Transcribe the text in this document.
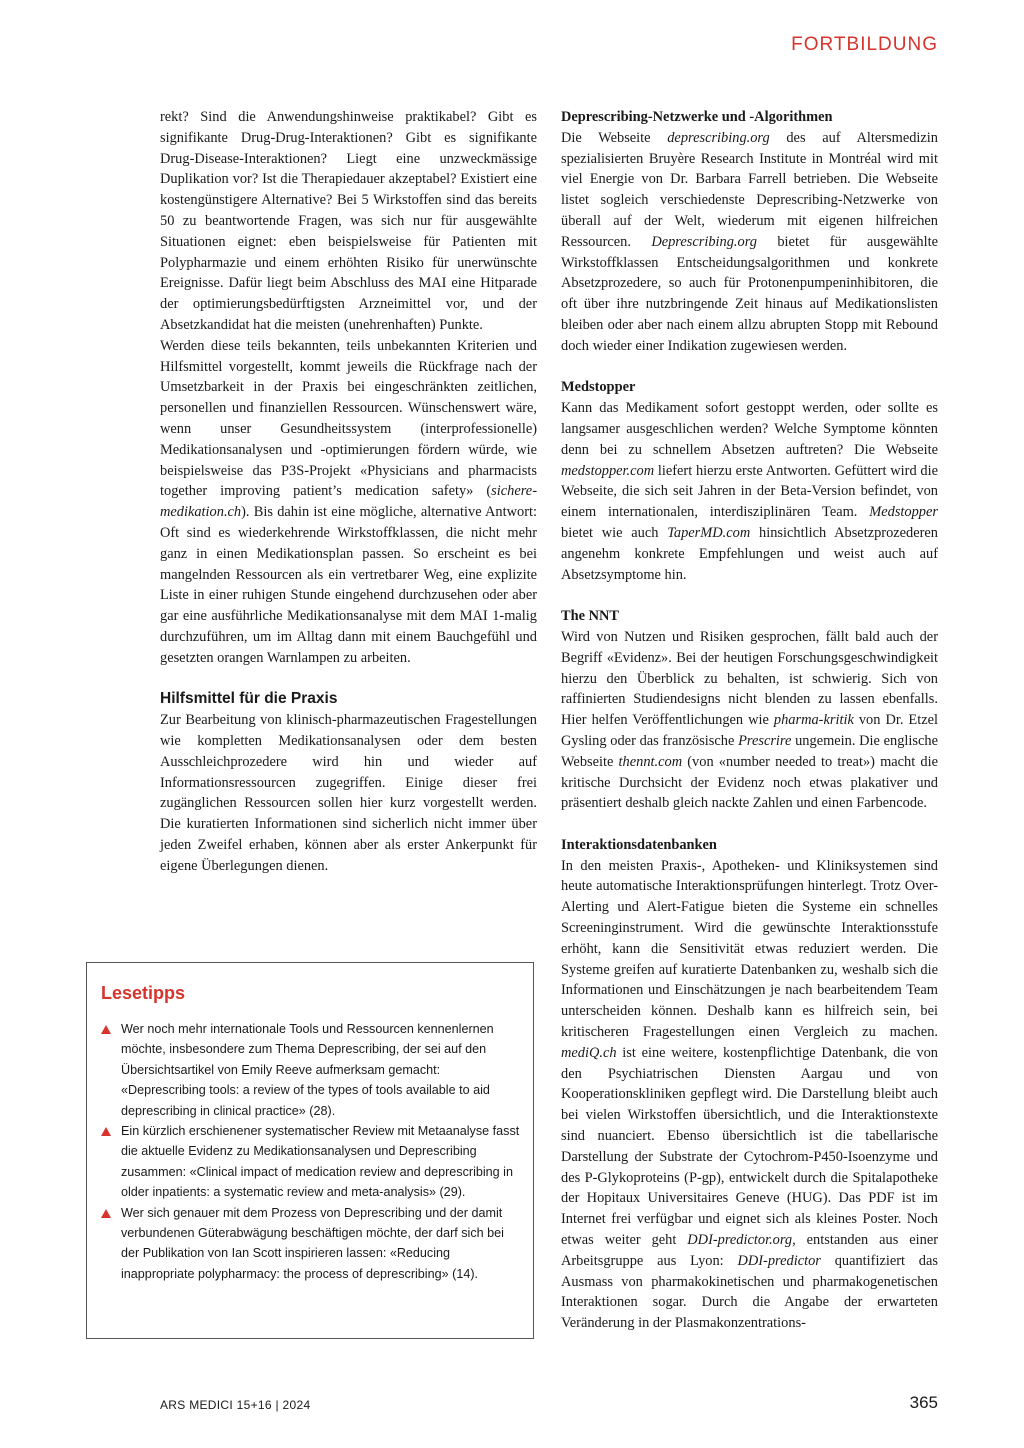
FORTBILDUNG

rekt? Sind die Anwendungshinweise praktikabel? Gibt es signifikante Drug-Drug-Interaktionen? Gibt es signifikante Drug-Disease-Interaktionen? Liegt eine unzweckmässige Duplikation vor? Ist die Therapiedauer akzeptabel? Existiert eine kostengünstigere Alternative? Bei 5 Wirkstoffen sind das bereits 50 zu beantwortende Fragen, was sich nur für ausgewählte Situationen eignet: eben beispielsweise für Patienten mit Polypharmazie und einem erhöhten Risiko für unerwünschte Ereignisse. Dafür liegt beim Abschluss des MAI eine Hitparade der optimierungsbedürftigsten Arzneimittel vor, und der Absetzkandidat hat die meisten (unehrenhaften) Punkte.

Werden diese teils bekannten, teils unbekannten Kriterien und Hilfsmittel vorgestellt, kommt jeweils die Rückfrage nach der Umsetzbarkeit in der Praxis bei eingeschränkten zeitlichen, personellen und finanziellen Ressourcen. Wünschenswert wäre, wenn unser Gesundheitssystem (interprofessionelle) Medikationsanalysen und -optimierungen fördern würde, wie beispielsweise das P3S-Projekt «Physicians and pharmacists together improving patient’s medication safety» (sichere-medikation.ch). Bis dahin ist eine mögliche, alternative Antwort: Oft sind es wiederkehrende Wirkstoffklassen, die nicht mehr ganz in einen Medikationsplan passen. So erscheint es bei mangelnden Ressourcen als ein vertretbarer Weg, eine explizite Liste in einer ruhigen Stunde eingehend durchzusehen oder aber gar eine ausführliche Medikationsanalyse mit dem MAI 1-malig durchzuführen, um im Alltag dann mit einem Bauchgefühl und gesetzten orangen Warnlampen zu arbeiten.

Hilfsmittel für die Praxis

Zur Bearbeitung von klinisch-pharmazeutischen Fragestellungen wie kompletten Medikationsanalysen oder dem besten Ausschleichprozedere wird hin und wieder auf Informationsressourcen zugegriffen. Einige dieser frei zugänglichen Ressourcen sollen hier kurz vorgestellt werden. Die kuratierten Informationen sind sicherlich nicht immer über jeden Zweifel erhaben, können aber als erster Ankerpunkt für eigene Überlegungen dienen.

Lesetipps
Wer noch mehr internationale Tools und Ressourcen kennenlernen möchte, insbesondere zum Thema Deprescribing, der sei auf den Übersichtsartikel von Emily Reeve aufmerksam gemacht: «Deprescribing tools: a review of the types of tools available to aid deprescribing in clinical practice» (28).
Ein kürzlich erschienener systematischer Review mit Metaanalyse fasst die aktuelle Evidenz zu Medikationsanalysen und Deprescribing zusammen: «Clinical impact of medication review and deprescribing in older inpatients: a systematic review and meta-analysis» (29).
Wer sich genauer mit dem Prozess von Deprescribing und der damit verbundenen Güterabwägung beschäftigen möchte, der darf sich bei der Publikation von Ian Scott inspirieren lassen: «Reducing inappropriate polypharmacy: the process of deprescribing» (14).

Deprescribing-Netzwerke und -Algorithmen

Die Webseite deprescribing.org des auf Altersmedizin spezialisierten Bruyère Research Institute in Montréal wird mit viel Energie von Dr. Barbara Farrell betrieben. Die Webseite listet sogleich verschiedenste Deprescribing-Netzwerke von überall auf der Welt, wiederum mit eigenen hilfreichen Ressourcen. Deprescribing.org bietet für ausgewählte Wirkstoffklassen Entscheidungsalgorithmen und konkrete Absetzprozedere, so auch für Protonenpumpeninhibitoren, die oft über ihre nutzbringende Zeit hinaus auf Medikationslisten bleiben oder aber nach einem allzu abrupten Stopp mit Rebound doch wieder einer Indikation zugewiesen werden.

Medstopper

Kann das Medikament sofort gestoppt werden, oder sollte es langsamer ausgeschlichen werden? Welche Symptome könnten denn bei zu schnellem Absetzen auftreten? Die Webseite medstopper.com liefert hierzu erste Antworten. Gefüttert wird die Webseite, die sich seit Jahren in der Beta-Version befindet, von einem internationalen, interdisziplinären Team. Medstopper bietet wie auch TaperMD.com hinsichtlich Absetzprozederen angenehm konkrete Empfehlungen und weist auch auf Absetzsymptome hin.

The NNT

Wird von Nutzen und Risiken gesprochen, fällt bald auch der Begriff «Evidenz». Bei der heutigen Forschungsgeschwindigkeit hierzu den Überblick zu behalten, ist schwierig. Sich von raffinierten Studiendesigns nicht blenden zu lassen ebenfalls. Hier helfen Veröffentlichungen wie pharma-kritik von Dr. Etzel Gysling oder das französische Prescrire ungemein. Die englische Webseite thennt.com (von «number needed to treat») macht die kritische Durchsicht der Evidenz noch etwas plakativer und präsentiert deshalb gleich nackte Zahlen und einen Farbencode.

Interaktionsdatenbanken

In den meisten Praxis-, Apotheken- und Kliniksystemen sind heute automatische Interaktionsprüfungen hinterlegt. Trotz Over-Alerting und Alert-Fatigue bieten die Systeme ein schnelles Screeninginstrument. Wird die gewünschte Interaktionsstufe erhöht, kann die Sensitivität etwas reduziert werden. Die Systeme greifen auf kuratierte Datenbanken zu, weshalb sich die Informationen und Einschätzungen je nach bearbeitendem Team unterscheiden können. Deshalb kann es hilfreich sein, bei kritischeren Fragestellungen einen Vergleich zu machen. mediQ.ch ist eine weitere, kostenpflichtige Datenbank, die von den Psychiatrischen Diensten Aargau und von Kooperationskliniken gepflegt wird. Die Darstellung bleibt auch bei vielen Wirkstoffen übersichtlich, und die Interaktionstexte sind nuanciert. Ebenso übersichtlich ist die tabellarische Darstellung der Substrate der Cytochrom-P450-Isoenzyme und des P-Glykoproteins (P-gp), entwickelt durch die Spitalapotheke der Hopitaux Universitaires Geneve (HUG). Das PDF ist im Internet frei verfügbar und eignet sich als kleines Poster. Noch etwas weiter geht DDI-predictor.org, entstanden aus einer Arbeitsgruppe aus Lyon: DDI-predictor quantifiziert das Ausmass von pharmakokinetischen und pharmakogenetischen Interaktionen sogar. Durch die Angabe der erwarteten Veränderung in der Plasmakonzentrations-

ARS MEDICI 15+16 | 2024	365
